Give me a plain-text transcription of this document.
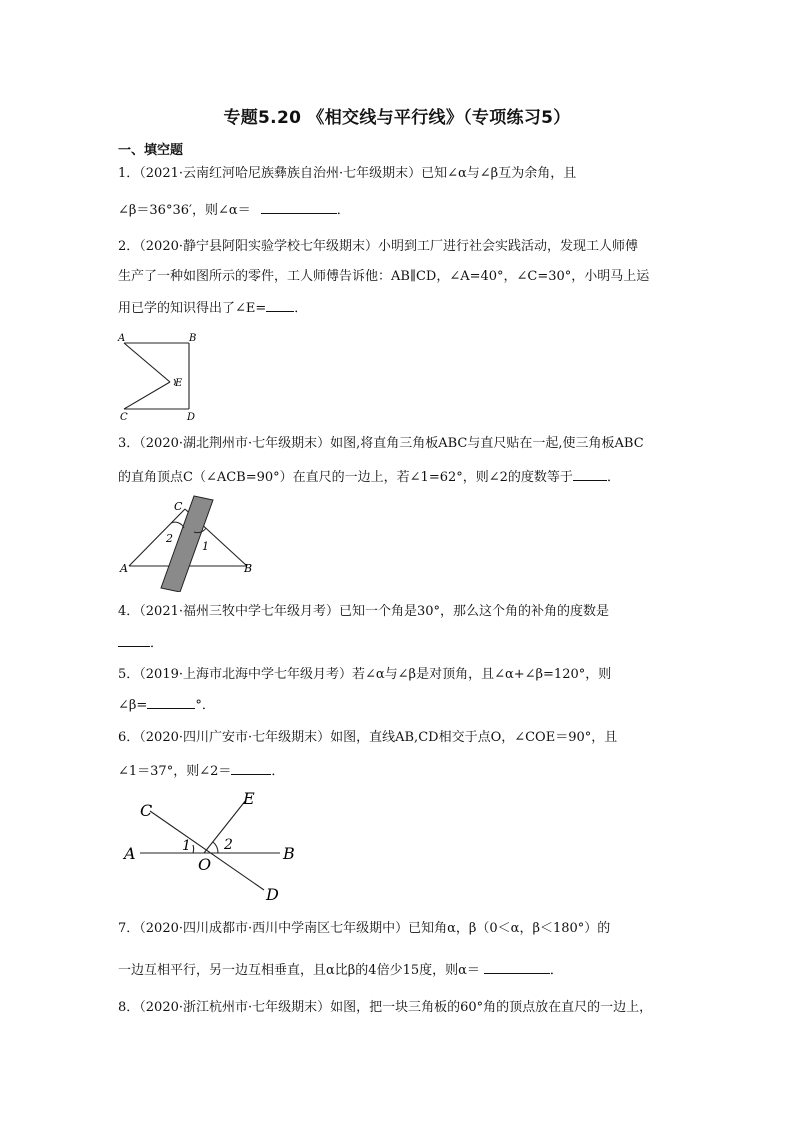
专题5.20 《相交线与平行线》（专项练习5）
一、填空题
1．（2021·云南红河哈尼族彝族自治州·七年级期末）已知∠α与∠β互为余角，且
∠β＝36°36′，则∠α＝	．
2．（2020·静宁县阿阳实验学校七年级期末）小明到工厂进行社会实践活动，发现工人师傅
生产了一种如图所示的零件，工人师傅告诉他：AB∥CD，∠A=40°，∠C=30°，小明马上运
用已学的知识得出了∠E= ．
A	B
C	D
E
3．（2020·湖北荆州市·七年级期末）如图,将直角三角板ABC与直尺贴在一起,使三角板ABC
的直角顶点C（∠ACB=90°）在直尺的一边上，若∠1=62°，则∠2的度数等于	．
A	B
C
2
1
4．（2021·福州三牧中学七年级月考）已知一个角是30°，那么这个角的补角的度数是
．
5．（2019·上海市北海中学七年级月考）若∠α与∠β是对顶角，且∠α+∠β=120°，则
∠β=	°．
6．（2020·四川广安市·七年级期末）如图，直线AB,CD相交于点O，∠COE＝90°，且
∠1＝37°，则∠2＝	．
C
E
A	B
O
D
1 2
7．（2020·四川成都市·西川中学南区七年级期中）已知角α，β（0＜α，β＜180°）的
一边互相平行，另一边互相垂直，且α比β的4倍少15度，则α＝	．
8．（2020·浙江杭州市·七年级期末）如图，把一块三角板的60°角的顶点放在直尺的一边上，
